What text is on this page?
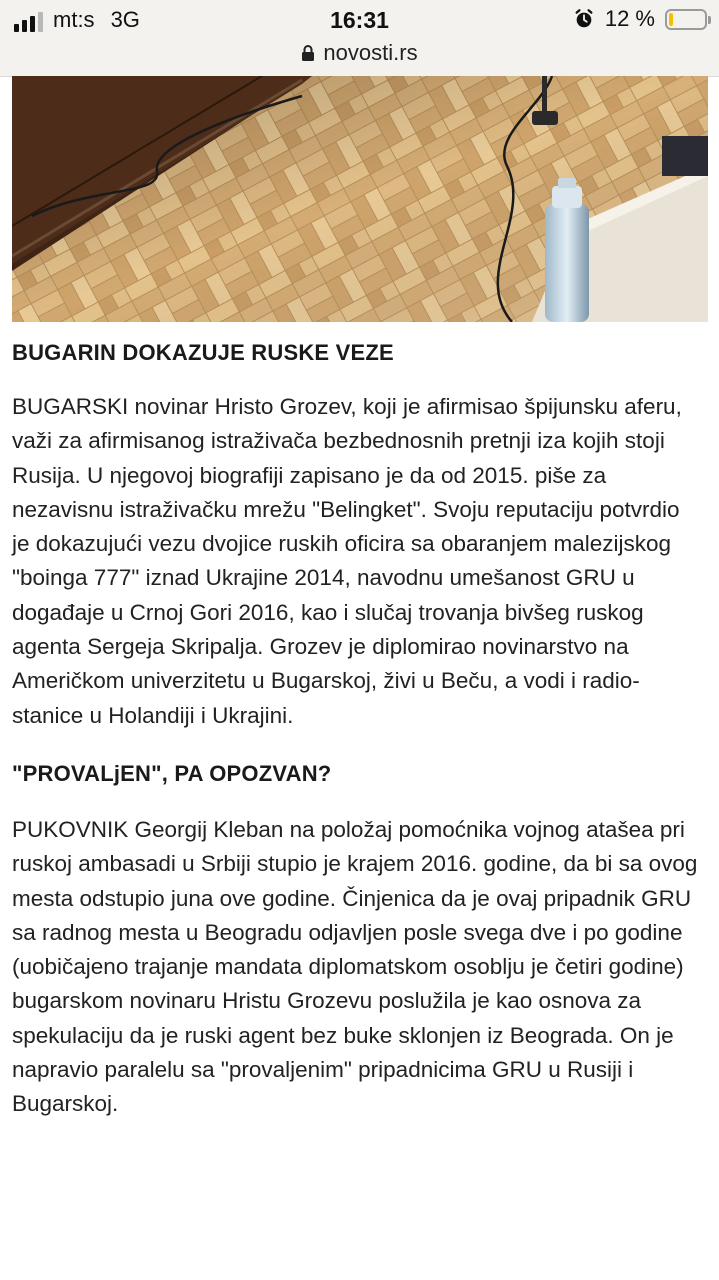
mt:s 3G	16:31	12 %
novosti.rs
BUGARIN DOKAZUJE RUSKE VEZE

BUGARSKI novinar Hristo Grozev, koji je afirmisao špijunsku aferu, važi za afirmisanog istraživača bezbednosnih pretnji iza kojih stoji Rusija. U njegovoj biografiji zapisano je da od 2015. piše za nezavisnu istraživačku mrežu "Belingket". Svoju reputaciju potvrdio je dokazujući vezu dvojice ruskih oficira sa obaranjem malezijskog "boinga 777" iznad Ukrajine 2014, navodnu umešanost GRU u događaje u Crnoj Gori 2016, kao i slučaj trovanja bivšeg ruskog agenta Sergeja Skripalja. Grozev je diplomirao novinarstvo na Američkom univerzitetu u Bugarskoj, živi u Beču, a vodi i radio-stanice u Holandiji i Ukrajini.

"PROVALjEN", PA OPOZVAN?

PUKOVNIK Georgij Kleban na položaj pomoćnika vojnog atašea pri ruskoj ambasadi u Srbiji stupio je krajem 2016. godine, da bi sa ovog mesta odstupio juna ove godine. Činjenica da je ovaj pripadnik GRU sa radnog mesta u Beogradu odjavljen posle svega dve i po godine (uobičajeno trajanje mandata diplomatskom osoblju je četiri godine) bugarskom novinaru Hristu Grozevu poslužila je kao osnova za spekulaciju da je ruski agent bez buke sklonjen iz Beograda. On je napravio paralelu sa "provaljenim" pripadnicima GRU u Rusiji i Bugarskoj.
